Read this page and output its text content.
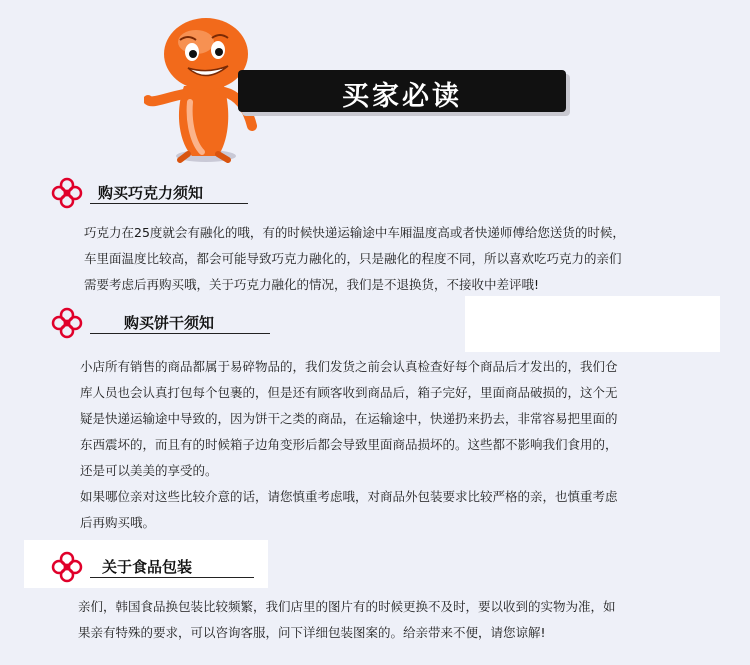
买家必读
购买巧克力须知
巧克力在25度就会有融化的哦，有的时候快递运输途中车厢温度高或者快递师傅给您送货的时候，
车里面温度比较高，都会可能导致巧克力融化的，只是融化的程度不同，所以喜欢吃巧克力的亲们
需要考虑后再购买哦，关于巧克力融化的情况，我们是不退换货，不接收中差评哦!
购买饼干须知
小店所有销售的商品都属于易碎物品的，我们发货之前会认真检查好每个商品后才发出的，我们仓
库人员也会认真打包每个包裹的，但是还有顾客收到商品后，箱子完好，里面商品破损的，这个无
疑是快递运输途中导致的，因为饼干之类的商品，在运输途中，快递扔来扔去，非常容易把里面的
东西震坏的，而且有的时候箱子边角变形后都会导致里面商品损坏的。这些都不影响我们食用的，
还是可以美美的享受的。
如果哪位亲对这些比较介意的话，请您慎重考虑哦，对商品外包装要求比较严格的亲，也慎重考虑
后再购买哦。
关于食品包装
亲们，韩国食品换包装比较频繁，我们店里的图片有的时候更换不及时，要以收到的实物为准，如
果亲有特殊的要求，可以咨询客服，问下详细包装图案的。给亲带来不便，请您谅解!
